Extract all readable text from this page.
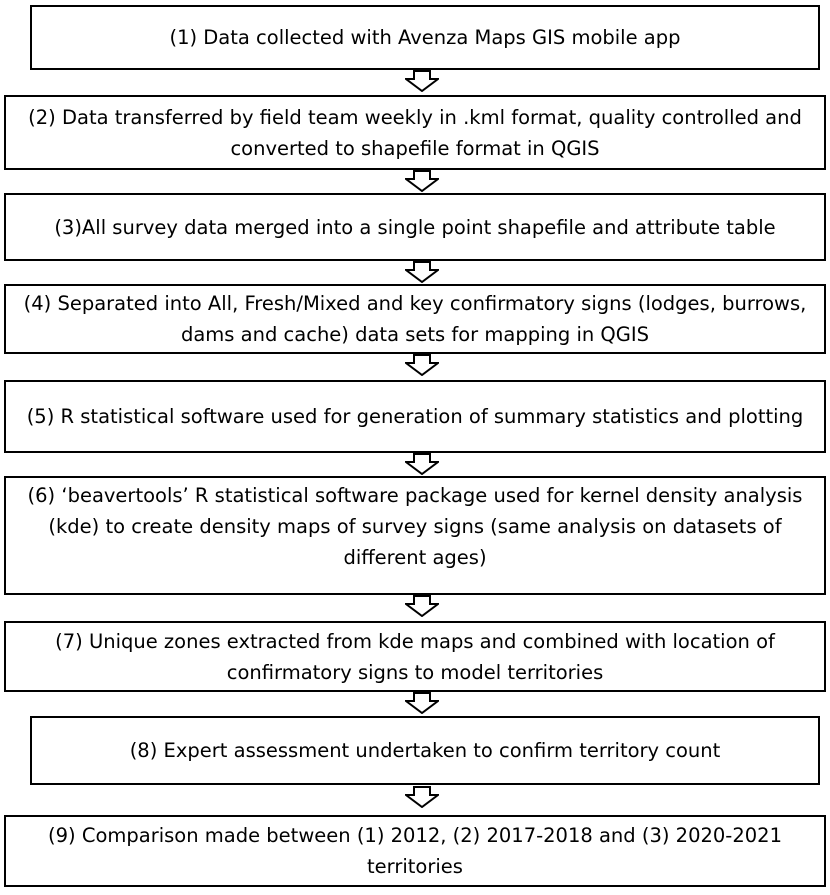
(1) Data collected with Avenza Maps GIS mobile app
(2) Data transferred by field team weekly in .kml format, quality controlled and converted to shapefile format in QGIS
(3)All survey data merged into a single point shapefile and attribute table
(4) Separated into All, Fresh/Mixed and key confirmatory signs (lodges, burrows, dams and cache) data sets for mapping in QGIS
(5) R statistical software used for generation of summary statistics and plotting
(6) ‘beavertools’ R statistical software package used for kernel density analysis (kde) to create density maps of survey signs (same analysis on datasets of different ages)
(7) Unique zones extracted from kde maps and combined with location of confirmatory signs to model territories
(8) Expert assessment undertaken to confirm territory count
(9) Comparison made between (1) 2012, (2) 2017-2018 and (3) 2020-2021 territories
